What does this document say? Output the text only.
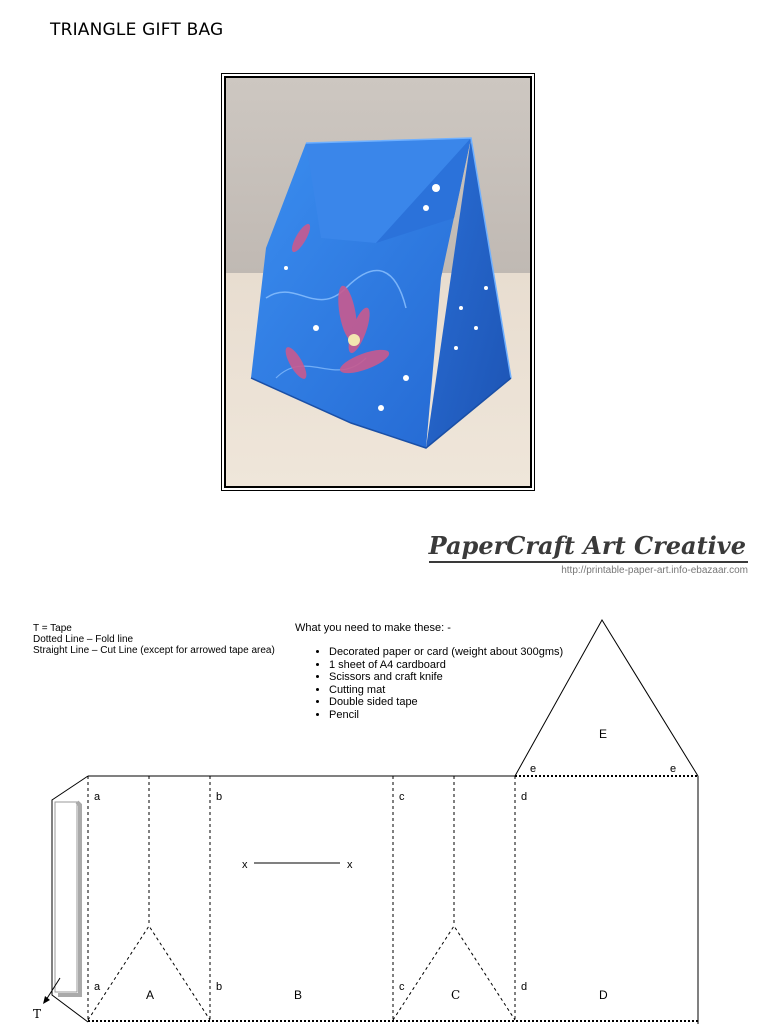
TRIANGLE GIFT BAG
PaperCraft Art Creative
http://printable-paper-art.info-ebazaar.com
T = Tape
Dotted Line – Fold line
Straight Line – Cut Line (except for arrowed tape area)
What you need to make these: -
• Decorated paper or card (weight about 300gms)
• 1 sheet of A4 cardboard
• Scissors and craft knife
• Cutting mat
• Double sided tape
• Pencil
T
a
a
b
b
c
c
d
d
e	e
x	x
E
A	B	C	D
